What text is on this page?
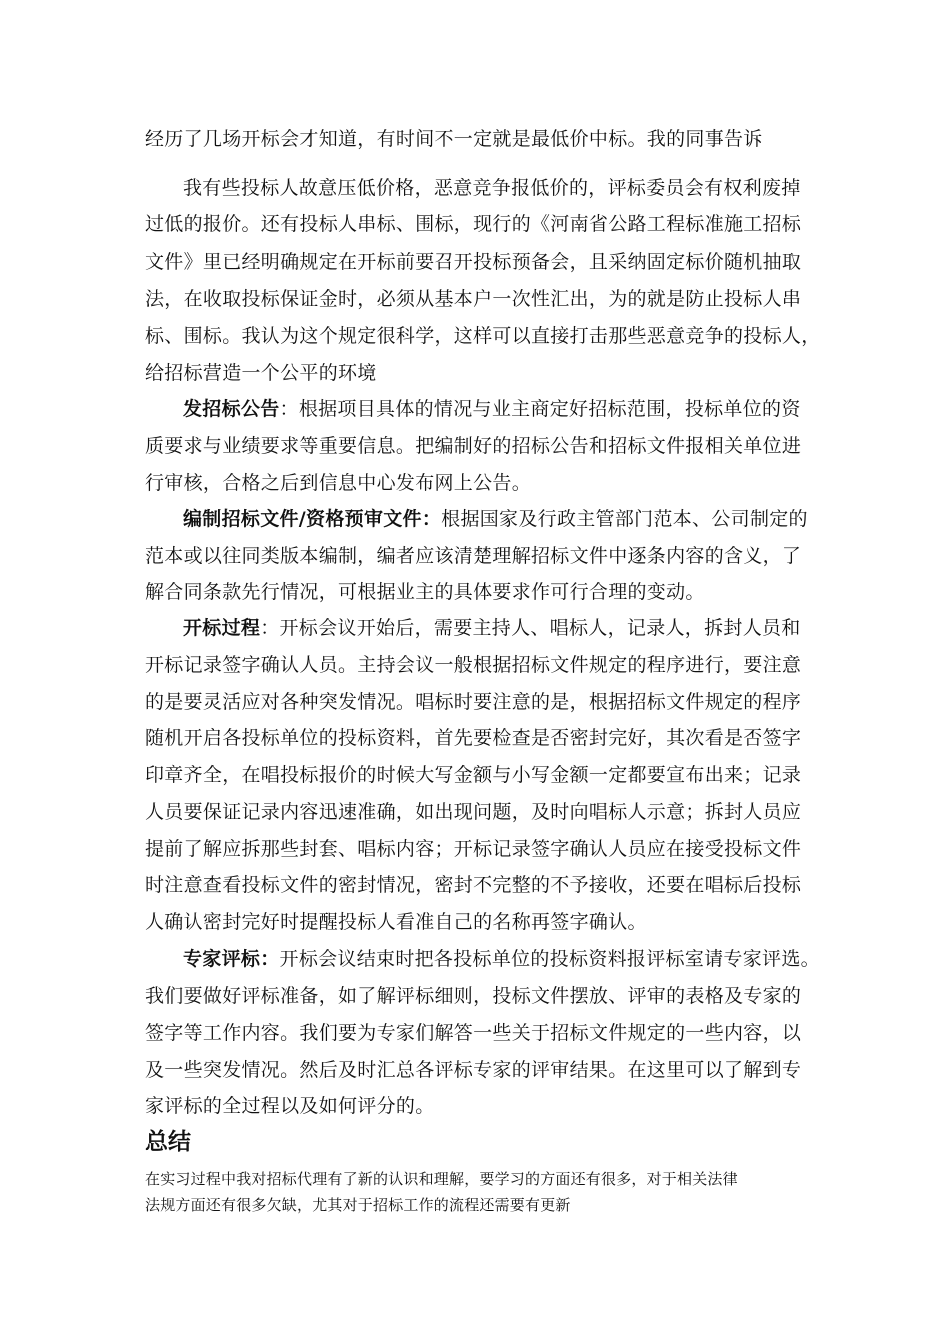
经历了几场开标会才知道，有时间不一定就是最低价中标。我的同事告诉
我有些投标人故意压低价格，恶意竞争报低价的，评标委员会有权利废掉
过低的报价。还有投标人串标、围标，现行的《河南省公路工程标准施工招标
文件》里已经明确规定在开标前要召开投标预备会，且采纳固定标价随机抽取
法，在收取投标保证金时，必须从基本户一次性汇出，为的就是防止投标人串
标、围标。我认为这个规定很科学，这样可以直接打击那些恶意竞争的投标人，
给招标营造一个公平的环境
发招标公告：根据项目具体的情况与业主商定好招标范围，投标单位的资
质要求与业绩要求等重要信息。把编制好的招标公告和招标文件报相关单位进
行审核，合格之后到信息中心发布网上公告。
编制招标文件/资格预审文件：根据国家及行政主管部门范本、公司制定的
范本或以往同类版本编制，编者应该清楚理解招标文件中逐条内容的含义，了
解合同条款先行情况，可根据业主的具体要求作可行合理的变动。
开标过程：开标会议开始后，需要主持人、唱标人，记录人，拆封人员和
开标记录签字确认人员。主持会议一般根据招标文件规定的程序进行，要注意
的是要灵活应对各种突发情况。唱标时要注意的是，根据招标文件规定的程序
随机开启各投标单位的投标资料，首先要检查是否密封完好，其次看是否签字
印章齐全，在唱投标报价的时候大写金额与小写金额一定都要宣布出来；记录
人员要保证记录内容迅速准确，如出现问题，及时向唱标人示意；拆封人员应
提前了解应拆那些封套、唱标内容；开标记录签字确认人员应在接受投标文件
时注意查看投标文件的密封情况，密封不完整的不予接收，还要在唱标后投标
人确认密封完好时提醒投标人看准自己的名称再签字确认。
专家评标：开标会议结束时把各投标单位的投标资料报评标室请专家评选。
我们要做好评标准备，如了解评标细则，投标文件摆放、评审的表格及专家的
签字等工作内容。我们要为专家们解答一些关于招标文件规定的一些内容，以
及一些突发情况。然后及时汇总各评标专家的评审结果。在这里可以了解到专
家评标的全过程以及如何评分的。
总结
在实习过程中我对招标代理有了新的认识和理解，要学习的方面还有很多，对于相关法律
法规方面还有很多欠缺，尤其对于招标工作的流程还需要有更新
